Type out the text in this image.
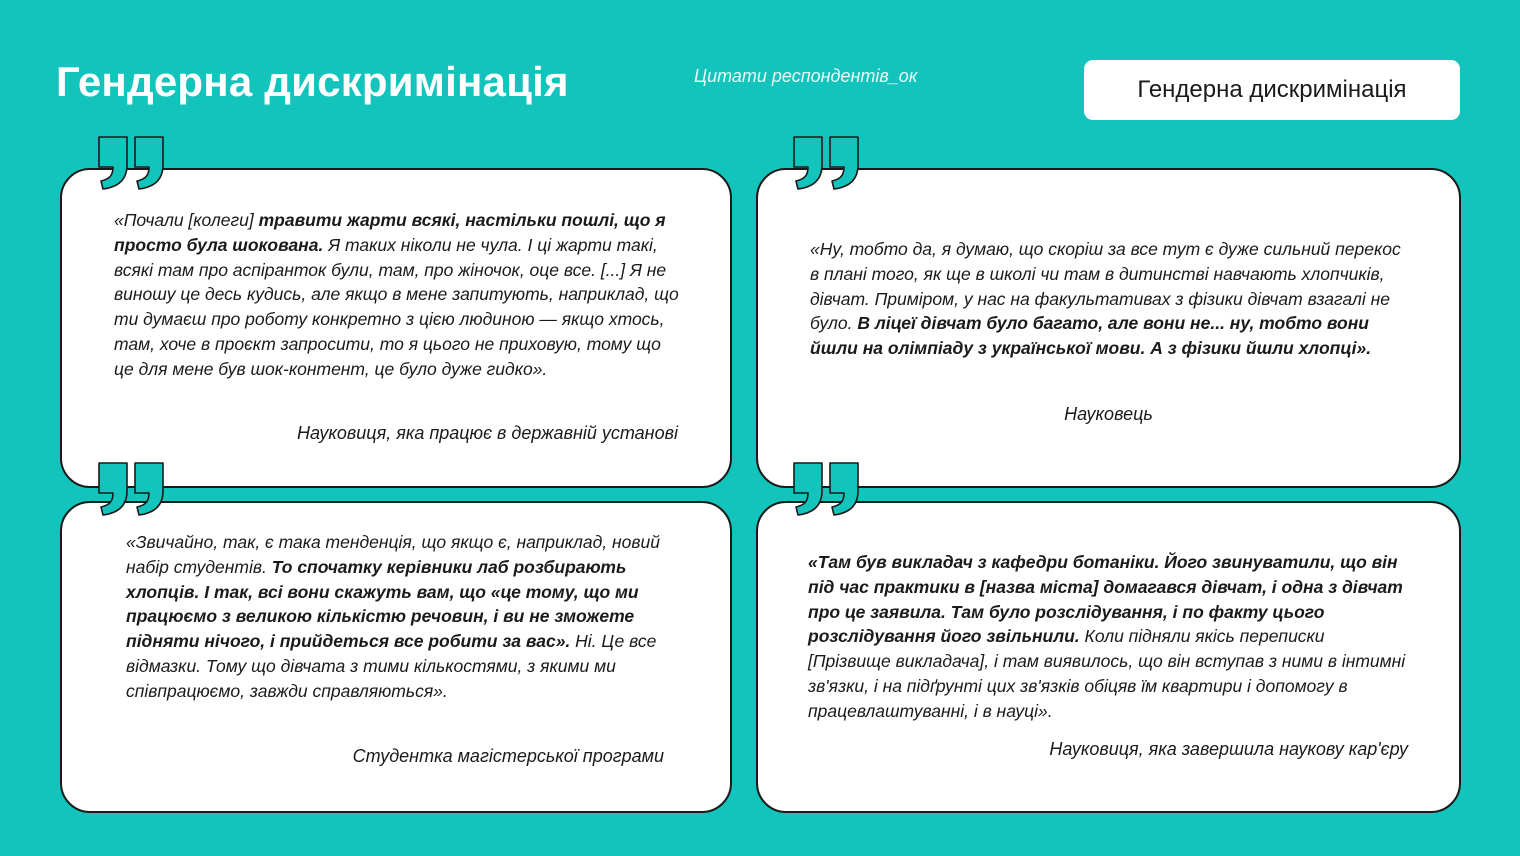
Гендерна дискримінація	Цитати респондентів_ок	Гендерна дискримінація

«Почали [колеги] травити жарти всякі, настільки пошлі, що я просто була шокована. Я таких ніколи не чула. І ці жарти такі, всякі там про аспіранток були, там, про жіночок, оце все. [...] Я не виношу це десь кудись, але якщо в мене запитують, наприклад, що ти думаєш про роботу конкретно з цією людиною — якщо хтось, там, хоче в проєкт запросити, то я цього не приховую, тому що це для мене був шок-контент, це було дуже гидко».

Науковиця, яка працює в державній установі

«Ну, тобто да, я думаю, що скоріш за все тут є дуже сильний перекос в плані того, як ще в школі чи там в дитинстві навчають хлопчиків, дівчат. Приміром, у нас на факультативах з фізики дівчат взагалі не було. В ліцеї дівчат було багато, але вони не... ну, тобто вони йшли на олімпіаду з української мови. А з фізики йшли хлопці».

Науковець

«Звичайно, так, є така тенденція, що якщо є, наприклад, новий набір студентів. То спочатку керівники лаб розбирають хлопців. І так, всі вони скажуть вам, що «це тому, що ми працюємо з великою кількістю речовин, і ви не зможете підняти нічого, і прийдеться все робити за вас». Ні. Це все відмазки. Тому що дівчата з тими кількостями, з якими ми співпрацюємо, завжди справляються».

Студентка магістерської програми

«Там був викладач з кафедри ботаніки. Його звинуватили, що він під час практики в [назва міста] домагався дівчат, і одна з дівчат про це заявила. Там було розслідування, і по факту цього розслідування його звільнили. Коли підняли якісь переписки [Прізвище викладача], і там виявилось, що він вступав з ними в інтимні зв'язки, і на підґрунті цих зв'язків обіцяв їм квартири і допомогу в працевлаштуванні, і в науці».

Науковиця, яка завершила наукову кар'єру
